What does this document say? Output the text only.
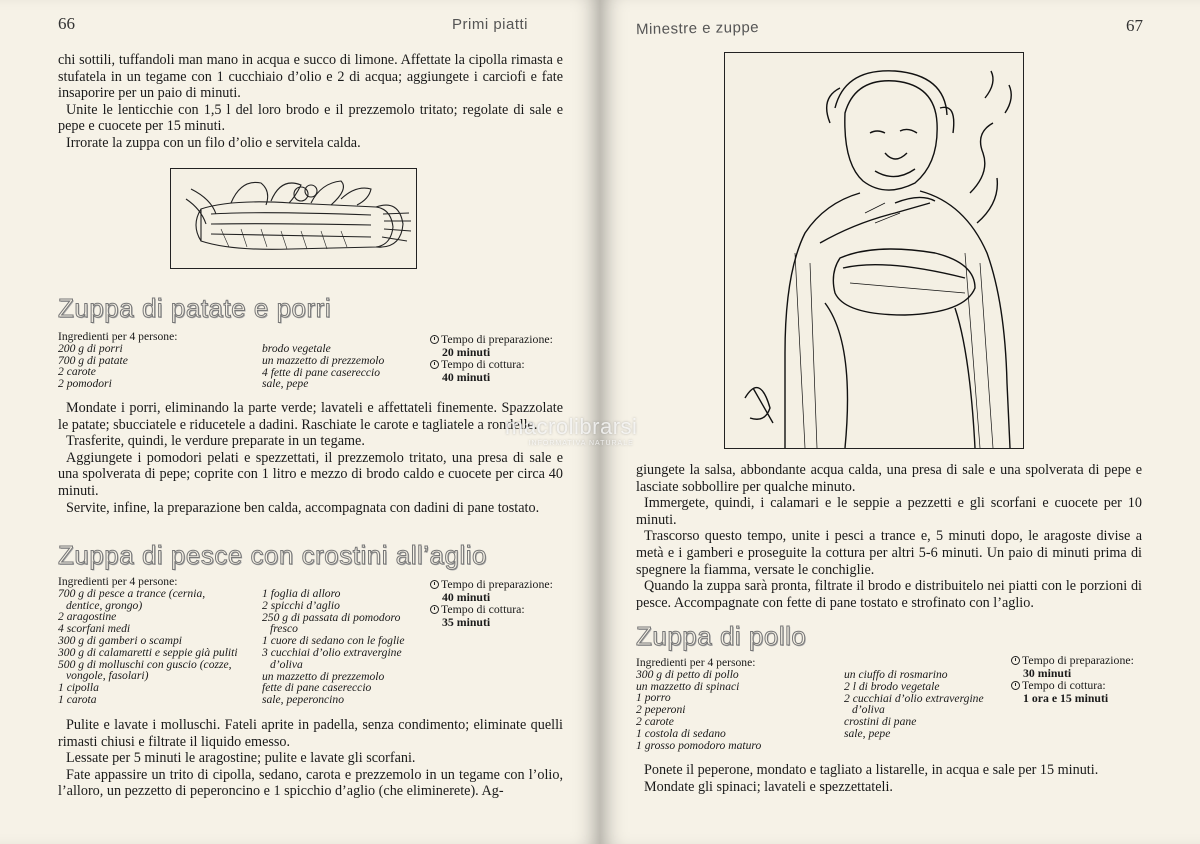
66	Primi piatti

chi sottili, tuffandoli man mano in acqua e succo di limone. Affettate la cipolla rimasta e stufatela in un tegame con 1 cucchiaio d’olio e 2 di acqua; aggiungete i carciofi e fate insaporire per un paio di minuti.

Unite le lenticchie con 1,5 l del loro brodo e il prezzemolo tritato; regolate di sale e pepe e cuocete per 15 minuti.

Irrorate la zuppa con un filo d’olio e servitela calda.

Zuppa di patate e porri
Ingredienti per 4 persone:
200 g di porri
700 g di patate
2 carote
2 pomodori
brodo vegetale
un mazzetto di prezzemolo
4 fette di pane casereccio
sale, pepe
Tempo di preparazione:
20 minuti
Tempo di cottura:
40 minuti

Mondate i porri, eliminando la parte verde; lavateli e affettateli finemente. Spazzolate le patate; sbucciatele e riducetele a dadini. Raschiate le carote e tagliatele a rondelle.

Trasferite, quindi, le verdure preparate in un tegame.

Aggiungete i pomodori pelati e spezzettati, il prezzemolo tritato, una presa di sale e una spolverata di pepe; coprite con 1 litro e mezzo di brodo caldo e cuocete per circa 40 minuti.

Servite, infine, la preparazione ben calda, accompagnata con dadini di pane tostato.

Zuppa di pesce con crostini all’aglio
Ingredienti per 4 persone:
700 g di pesce a trance (cernia,
dentice, grongo)
2 aragostine
4 scorfani medi
300 g di gamberi o scampi
300 g di calamaretti e seppie già puliti
500 g di molluschi con guscio (cozze,
vongole, fasolari)
1 cipolla
1 carota
1 foglia di alloro
2 spicchi d’aglio
250 g di passata di pomodoro
fresco
1 cuore di sedano con le foglie
3 cucchiai d’olio extravergine
d’oliva
un mazzetto di prezzemolo
fette di pane casereccio
sale, peperoncino
Tempo di preparazione:
40 minuti
Tempo di cottura:
35 minuti

Pulite e lavate i molluschi. Fateli aprite in padella, senza condimento; eliminate quelli rimasti chiusi e filtrate il liquido emesso.

Lessate per 5 minuti le aragostine; pulite e lavate gli scorfani.

Fate appassire un trito di cipolla, sedano, carota e prezzemolo in un tegame con l’olio, l’alloro, un pezzetto di peperoncino e 1 spicchio d’aglio (che eliminerete). Ag-

Minestre e zuppe	67

giungete la salsa, abbondante acqua calda, una presa di sale e una spolverata di pepe e lasciate sobbollire per qualche minuto.

Immergete, quindi, i calamari e le seppie a pezzetti e gli scorfani e cuocete per 10 minuti.

Trascorso questo tempo, unite i pesci a trance e, 5 minuti dopo, le aragoste divise a metà e i gamberi e proseguite la cottura per altri 5-6 minuti. Un paio di minuti prima di spegnere la fiamma, versate le conchiglie.

Quando la zuppa sarà pronta, filtrate il brodo e distribuitelo nei piatti con le porzioni di pesce. Accompagnate con fette di pane tostato e strofinato con l’aglio.

Zuppa di pollo
Ingredienti per 4 persone:
300 g di petto di pollo
un mazzetto di spinaci
1 porro
2 peperoni
2 carote
1 costola di sedano
1 grosso pomodoro maturo
un ciuffo di rosmarino
2 l di brodo vegetale
2 cucchiai d’olio extravergine
d’oliva
crostini di pane
sale, pepe
Tempo di preparazione:
30 minuti
Tempo di cottura:
1 ora e 15 minuti

Ponete il peperone, mondato e tagliato a listarelle, in acqua e sale per 15 minuti.

Mondate gli spinaci; lavateli e spezzettateli.

macrolibrarsi
INFORMATIVA NATURALE
